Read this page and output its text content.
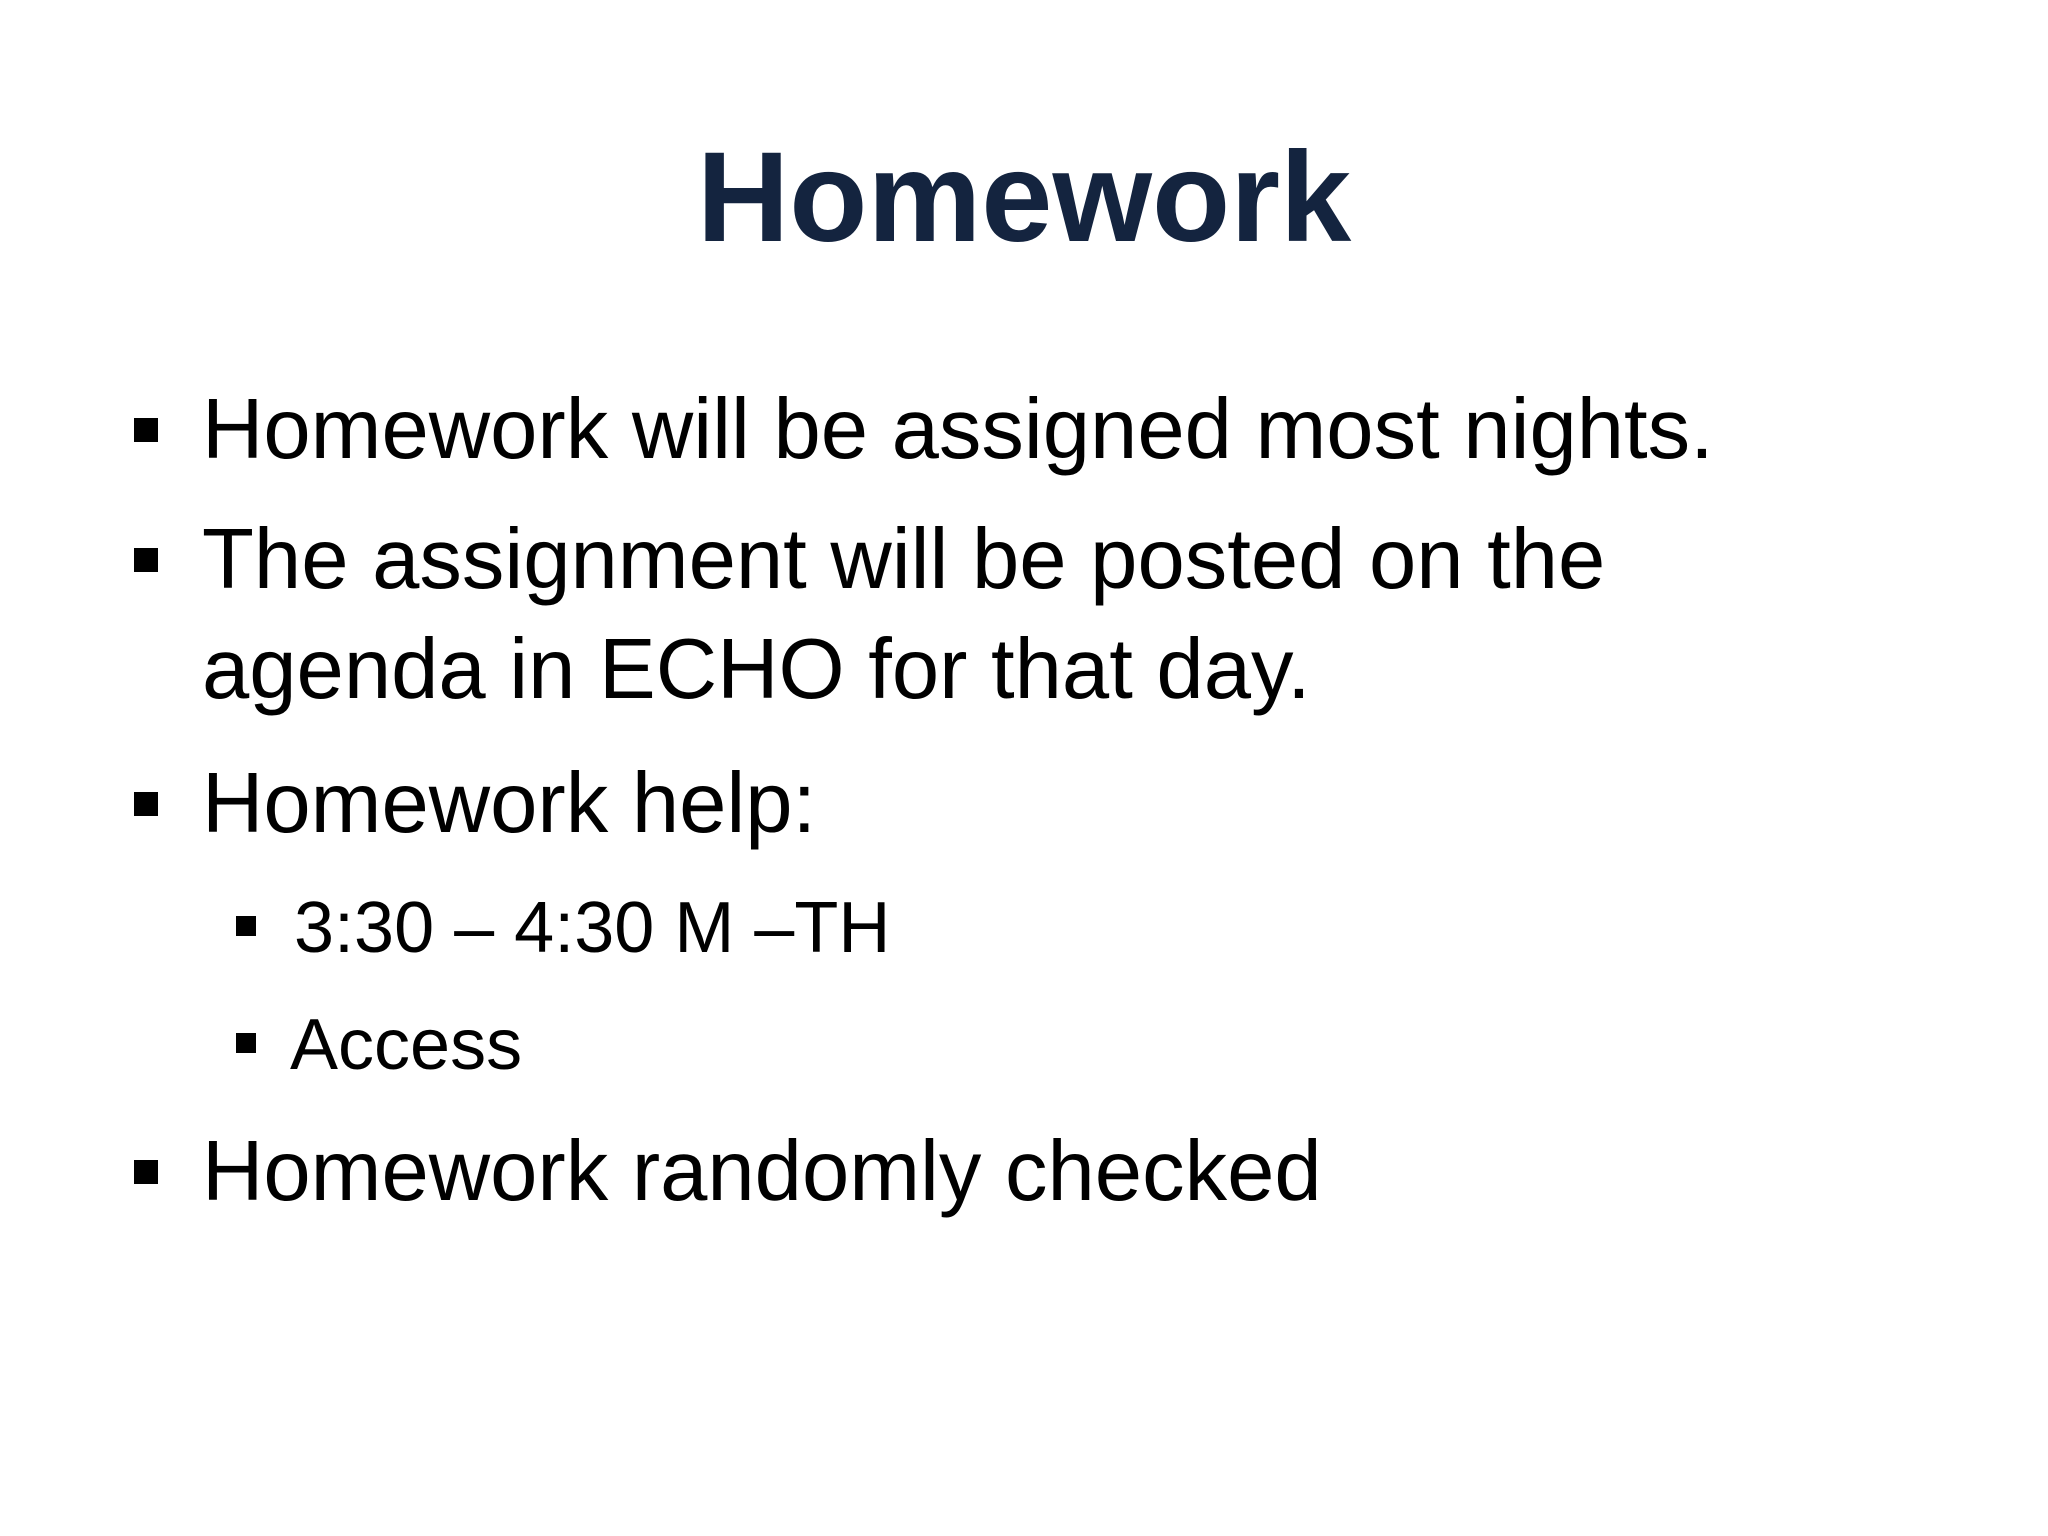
Homework
Homework will be assigned most nights.
The assignment will be posted on the
agenda in ECHO for that day.
Homework help:
3:30 – 4:30 M –TH
Access
Homework randomly checked
